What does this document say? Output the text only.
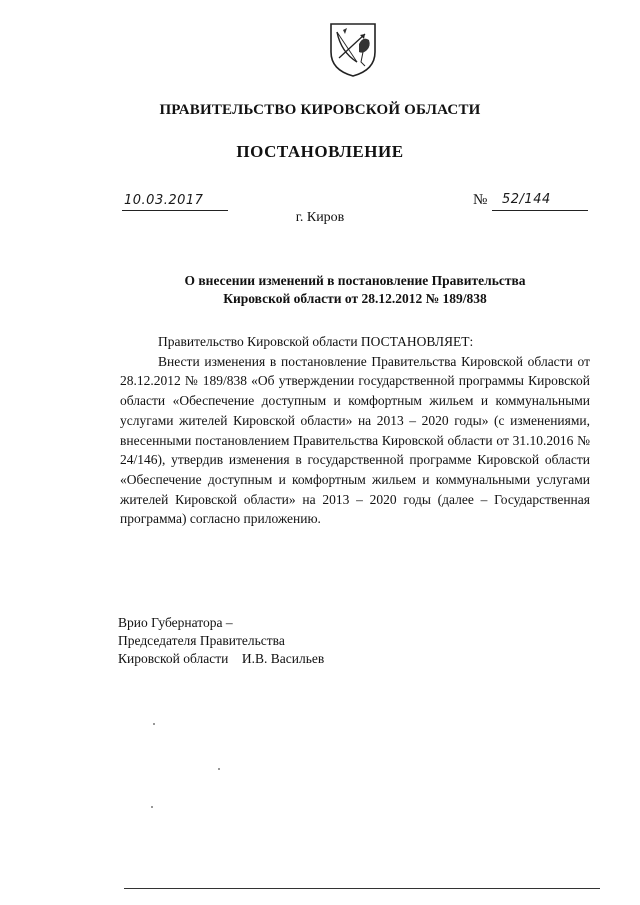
ПРАВИТЕЛЬСТВО КИРОВСКОЙ ОБЛАСТИ
ПОСТАНОВЛЕНИЕ
10.03.2017	№ 52/144
г. Киров
О внесении изменений в постановление Правительства
Кировской области от 28.12.2012 № 189/838

Правительство Кировской области ПОСТАНОВЛЯЕТ:

Внести изменения в постановление Правительства Кировской области от 28.12.2012 № 189/838 «Об утверждении государственной программы Кировской области «Обеспечение доступным и комфортным жильем и коммунальными услугами жителей Кировской области» на 2013 – 2020 годы» (с изменениями, внесенными постановлением Правительства Кировской области от 31.10.2016 № 24/146), утвердив изменения в государственной программе Кировской области «Обеспечение доступным и комфортным жильем и коммунальными услугами жителей Кировской области» на 2013 – 2020 годы (далее – Государственная программа) согласно приложению.

Врио Губернатора –
Председателя Правительства
Кировской области    И.В. Васильев
